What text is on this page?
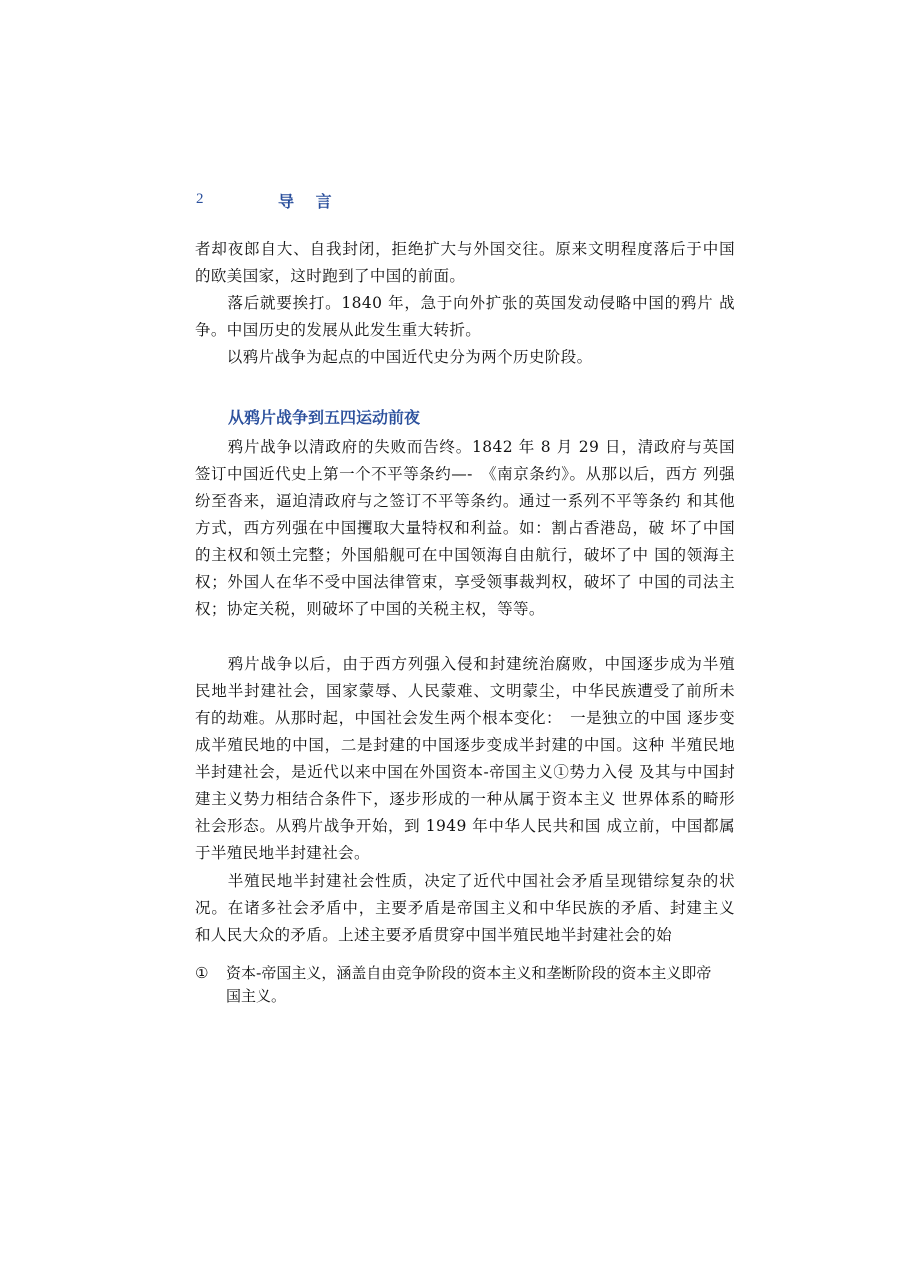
2	导 言

者却夜郎自大、自我封闭，拒绝扩大与外国交往。原来文明程度落后于中国的欧美国家，这时跑到了中国的前面。

　　落后就要挨打。1840 年，急于向外扩张的英国发动侵略中国的鸦片 战争。中国历史的发展从此发生重大转折。

　　以鸦片战争为起点的中国近代史分为两个历史阶段。

从鸦片战争到五四运动前夜

　　鸦片战争以清政府的失败而告终。1842 年 8 月 29 日，清政府与英国 签订中国近代史上第一个不平等条约—-　《南京条约》。从那以后，西方 列强纷至沓来，逼迫清政府与之签订不平等条约。通过一系列不平等条约 和其他方式，西方列强在中国攫取大量特权和利益。如：割占香港岛，破 坏了中国的主权和领土完整；外国船舰可在中国领海自由航行，破坏了中 国的领海主权；外国人在华不受中国法律管束，享受领事裁判权，破坏了 中国的司法主权；协定关税，则破坏了中国的关税主权，等等。

　　鸦片战争以后，由于西方列强入侵和封建统治腐败，中国逐步成为半殖民地半封建社会，国家蒙辱、人民蒙难、文明蒙尘，中华民族遭受了前所未有的劫难。从那时起，中国社会发生两个根本变化：　一是独立的中国 逐步变成半殖民地的中国，二是封建的中国逐步变成半封建的中国。这种 半殖民地半封建社会，是近代以来中国在外国资本-帝国主义①势力入侵 及其与中国封建主义势力相结合条件下，逐步形成的一种从属于资本主义 世界体系的畸形社会形态。从鸦片战争开始，到 1949 年中华人民共和国 成立前，中国都属于半殖民地半封建社会。

　　半殖民地半封建社会性质，决定了近代中国社会矛盾呈现错综复杂的状况。在诸多社会矛盾中，主要矛盾是帝国主义和中华民族的矛盾、封建主义和人民大众的矛盾。上述主要矛盾贯穿中国半殖民地半封建社会的始

① 资本-帝国主义，涵盖自由竞争阶段的资本主义和垄断阶段的资本主义即帝国主义。
